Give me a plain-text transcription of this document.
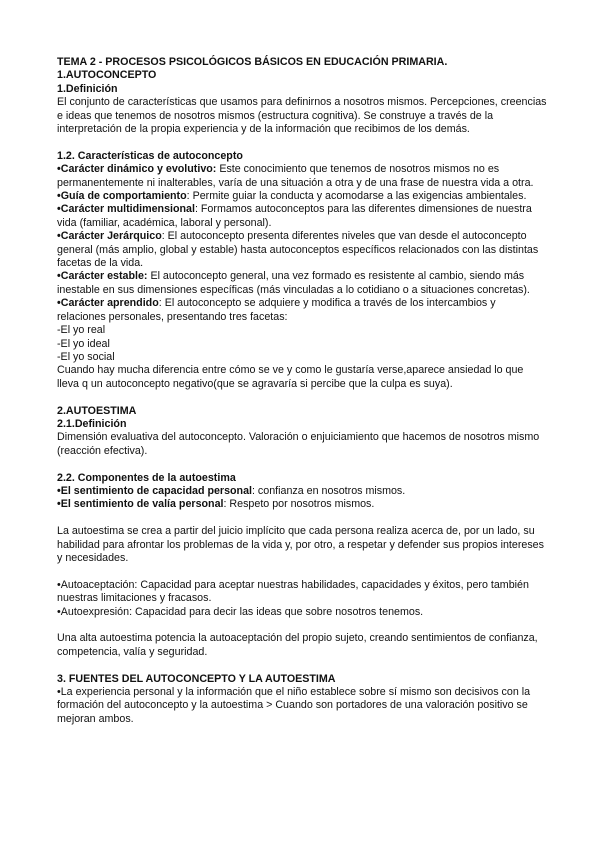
TEMA 2 - PROCESOS PSICOLÓGICOS BÁSICOS EN EDUCACIÓN PRIMARIA.

1.AUTOCONCEPTO

1.Definición

El conjunto de características que usamos para definirnos a nosotros mismos. Percepciones, creencias e ideas que tenemos de nosotros mismos (estructura cognitiva). Se construye a través de la interpretación de la propia experiencia y de la información que recibimos de los demás.

1.2. Características de autoconcepto

•Carácter dinámico y evolutivo: Este conocimiento que tenemos de nosotros mismos no es permanentemente ni inalterables, varía de una situación a otra y de una frase de nuestra vida a otra.

•Guía de comportamiento: Permite guiar la conducta y acomodarse a las exigencias ambientales.

•Carácter multidimensional: Formamos autoconceptos para las diferentes dimensiones de nuestra vida (familiar, académica, laboral y personal).

•Carácter Jerárquico: El autoconcepto presenta diferentes niveles que van desde el autoconcepto general (más amplio, global y estable) hasta autoconceptos específicos relacionados con las distintas facetas de la vida.

•Carácter estable: El autoconcepto general, una vez formado es resistente al cambio, siendo más inestable en sus dimensiones específicas (más vinculadas a lo cotidiano o a situaciones concretas).

•Carácter aprendido: El autoconcepto se adquiere y modifica a través de los intercambios y relaciones personales, presentando tres facetas:

-El yo real

-El yo ideal

-El yo social

Cuando hay mucha diferencia entre cómo se ve y como le gustaría verse,aparece ansiedad lo que lleva q un autoconcepto negativo(que se agravaría si percibe que la culpa es suya).

2.AUTOESTIMA

2.1.Definición

Dimensión evaluativa del autoconcepto. Valoración o enjuiciamiento que hacemos de nosotros mismo (reacción efectiva).

2.2. Componentes de la autoestima

•El sentimiento de capacidad personal: confianza en nosotros mismos.

•El sentimiento de valía personal: Respeto por nosotros mismos.

La autoestima se crea a partir del juicio implícito que cada persona realiza acerca de, por un lado, su habilidad para afrontar los problemas de la vida y, por otro, a respetar y defender sus propios intereses y necesidades.

•Autoaceptación: Capacidad para aceptar nuestras habilidades, capacidades y éxitos, pero también nuestras limitaciones y fracasos.

•Autoexpresión: Capacidad para decir las ideas que sobre nosotros tenemos.

Una alta autoestima potencia la autoaceptación del propio sujeto, creando sentimientos de confianza, competencia, valía y seguridad.

3. FUENTES DEL AUTOCONCEPTO Y LA AUTOESTIMA

•La experiencia personal y la información que el niño establece sobre sí mismo son decisivos con la formación del autoconcepto y la autoestima > Cuando son portadores de una valoración positivo se mejoran ambos.
